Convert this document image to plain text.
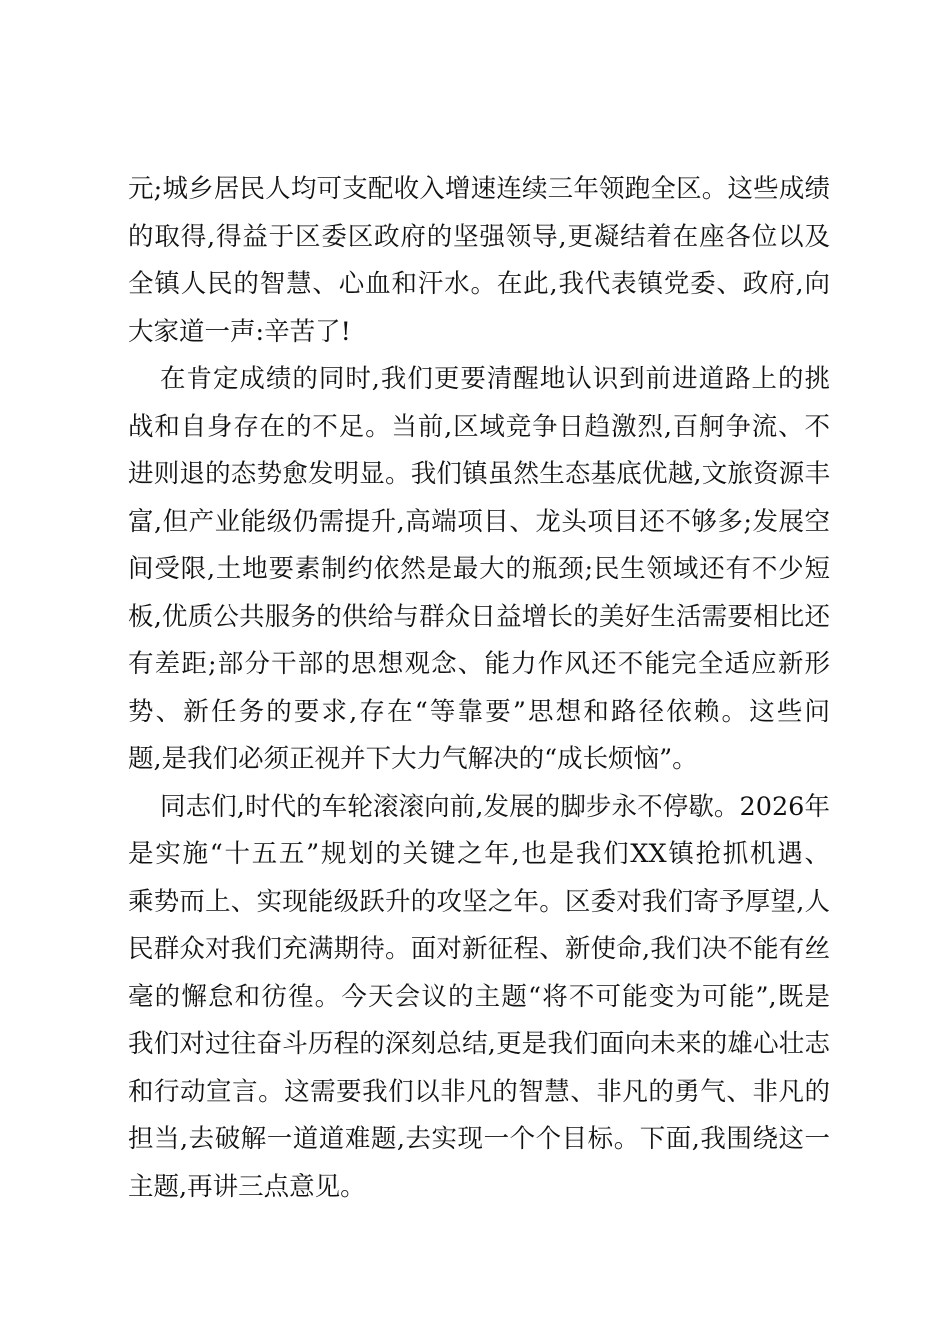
元;城乡居民人均可支配收入增速连续三年领跑全区。这些成绩
的取得,得益于区委区政府的坚强领导,更凝结着在座各位以及
全镇人民的智慧、心血和汗水。在此,我代表镇党委、政府,向
大家道一声:辛苦了!
在肯定成绩的同时,我们更要清醒地认识到前进道路上的挑
战和自身存在的不足。当前,区域竞争日趋激烈,百舸争流、不
进则退的态势愈发明显。我们镇虽然生态基底优越,文旅资源丰
富,但产业能级仍需提升,高端项目、龙头项目还不够多;发展空
间受限,土地要素制约依然是最大的瓶颈;民生领域还有不少短
板,优质公共服务的供给与群众日益增长的美好生活需要相比还
有差距;部分干部的思想观念、能力作风还不能完全适应新形
势、新任务的要求,存在“等靠要”思想和路径依赖。这些问
题,是我们必须正视并下大力气解决的“成长烦恼”。
同志们,时代的车轮滚滚向前,发展的脚步永不停歇。2026年
是实施“十五五”规划的关键之年,也是我们XX镇抢抓机遇、
乘势而上、实现能级跃升的攻坚之年。区委对我们寄予厚望,人
民群众对我们充满期待。面对新征程、新使命,我们决不能有丝
毫的懈怠和彷徨。今天会议的主题“将不可能变为可能”,既是
我们对过往奋斗历程的深刻总结,更是我们面向未来的雄心壮志
和行动宣言。这需要我们以非凡的智慧、非凡的勇气、非凡的
担当,去破解一道道难题,去实现一个个目标。下面,我围绕这一
主题,再讲三点意见。
